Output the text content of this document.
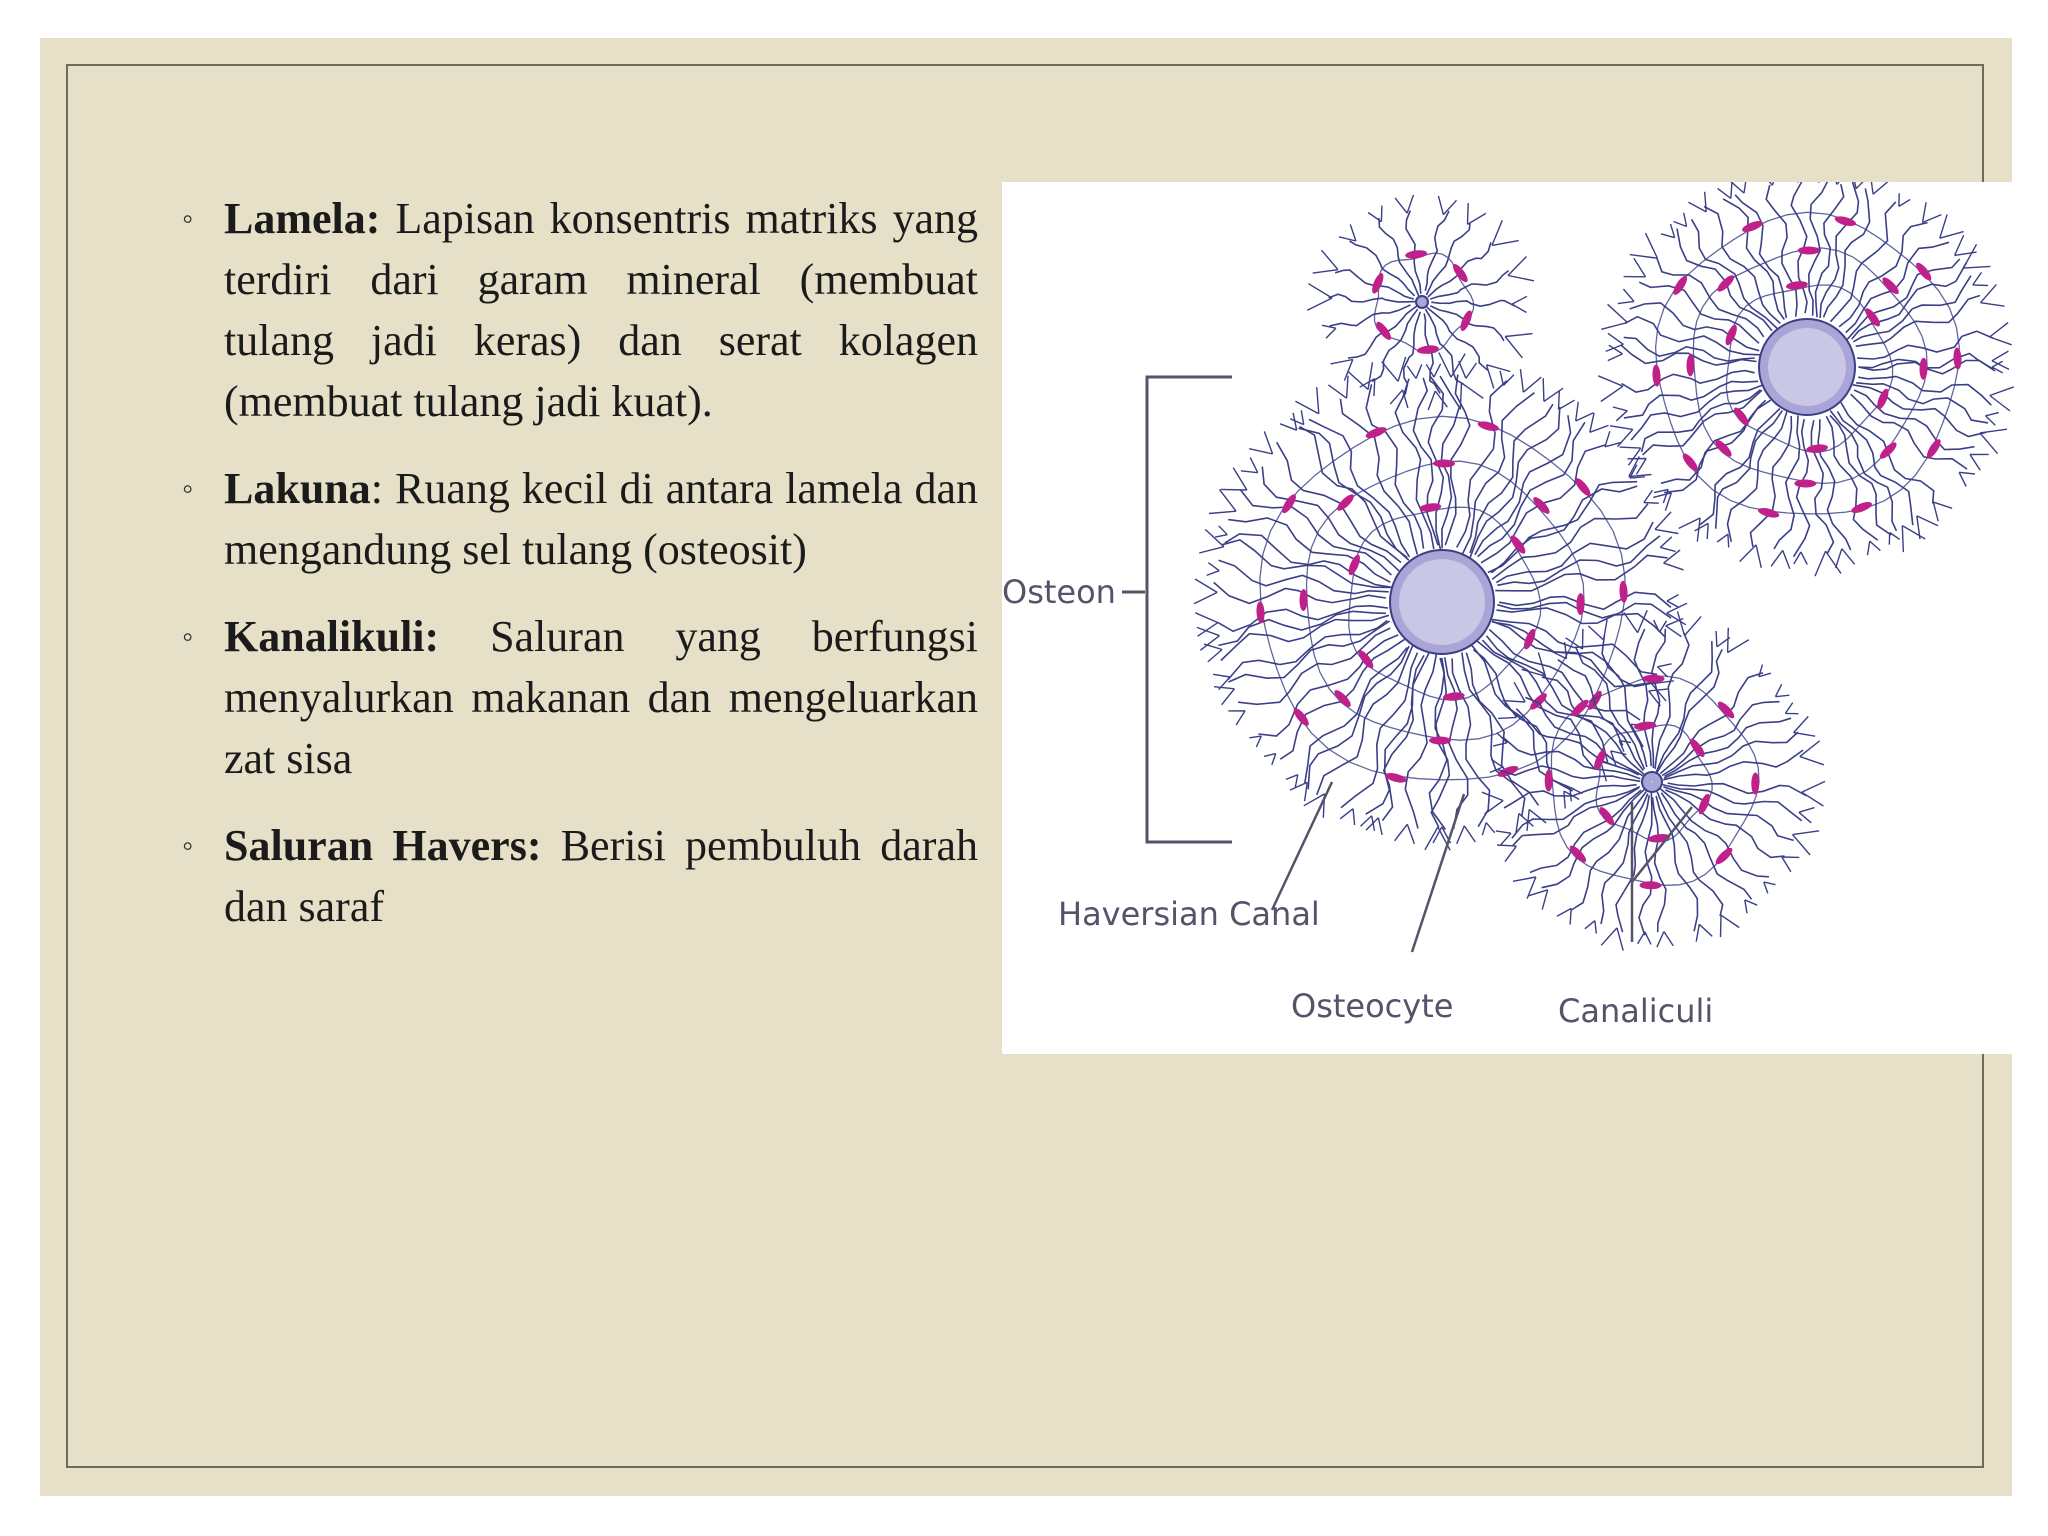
◦ Lamela: Lapisan konsentris matriks yang terdiri dari garam mineral (membuat tulang jadi keras) dan serat kolagen (membuat tulang jadi kuat).
◦ Lakuna: Ruang kecil di antara lamela dan mengandung sel tulang (osteosit)
◦ Kanalikuli: Saluran yang berfungsi menyalurkan makanan dan mengeluarkan zat sisa
◦ Saluran Havers: Berisi pembuluh darah dan saraf
Osteon
Haversian Canal
Osteocyte	Canaliculi
